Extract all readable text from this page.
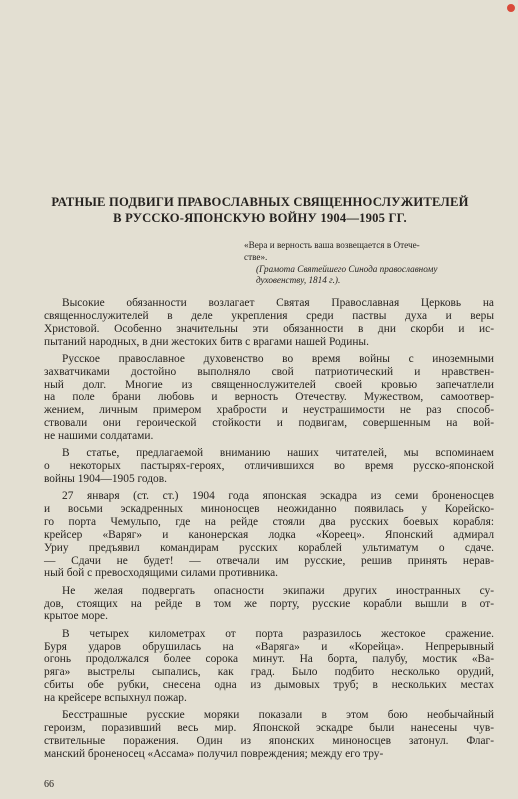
РАТНЫЕ ПОДВИГИ ПРАВОСЛАВНЫХ СВЯЩЕННОСЛУЖИТЕЛЕЙ
В РУССКО-ЯПОНСКУЮ ВОЙНУ 1904—1905 ГГ.
«Вера и верность ваша возвещается в Отече-
стве».
(Грамота Святейшего Синода православному
духовенству, 1814 г.).
Высокие обязанности возлагает Святая Православная Церковь на
священнослужителей в деле укрепления среди паствы духа и веры
Христовой. Особенно значительны эти обязанности в дни скорби и ис-
пытаний народных, в дни жестоких битв с врагами нашей Родины.
Русское православное духовенство во время войны с иноземными
захватчиками достойно выполняло свой патриотический и нравствен-
ный долг. Многие из священнослужителей своей кровью запечатлели
на поле брани любовь и верность Отечеству. Мужеством, самоотвер-
жением, личным примером храбрости и неустрашимости не раз способ-
ствовали они героической стойкости и подвигам, совершенным на вой-
не нашими солдатами.
В статье, предлагаемой вниманию наших читателей, мы вспоминаем
о некоторых пастырях-героях, отличившихся во время русско-японской
войны 1904—1905 годов.
27 января (ст. ст.) 1904 года японская эскадра из семи броненосцев
и восьми эскадренных миноносцев неожиданно появилась у Корейско-
го порта Чемульпо, где на рейде стояли два русских боевых корабля:
крейсер «Варяг» и канонерская лодка «Кореец». Японский адмирал
Уриу предъявил командирам русских кораблей ультиматум о сдаче.
— Сдачи не будет! — отвечали им русские, решив принять нерав-
ный бой с превосходящими силами противника.
Не желая подвергать опасности экипажи других иностранных су-
дов, стоящих на рейде в том же порту, русские корабли вышли в от-
крытое море.
В четырех километрах от порта разразилось жестокое сражение.
Буря ударов обрушилась на «Варяга» и «Корейца». Непрерывный
огонь продолжался более сорока минут. На борта, палубу, мостик «Ва-
ряга» выстрелы сыпались, как град. Было подбито несколько орудий,
сбиты обе рубки, снесена одна из дымовых труб; в нескольких местах
на крейсере вспыхнул пожар.
Бесстрашные русские моряки показали в этом бою необычайный
героизм, поразивший весь мир. Японской эскадре были нанесены чув-
ствительные поражения. Один из японских миноносцев затонул. Флаг-
манский броненосец «Ассама» получил повреждения; между его тру-
66
